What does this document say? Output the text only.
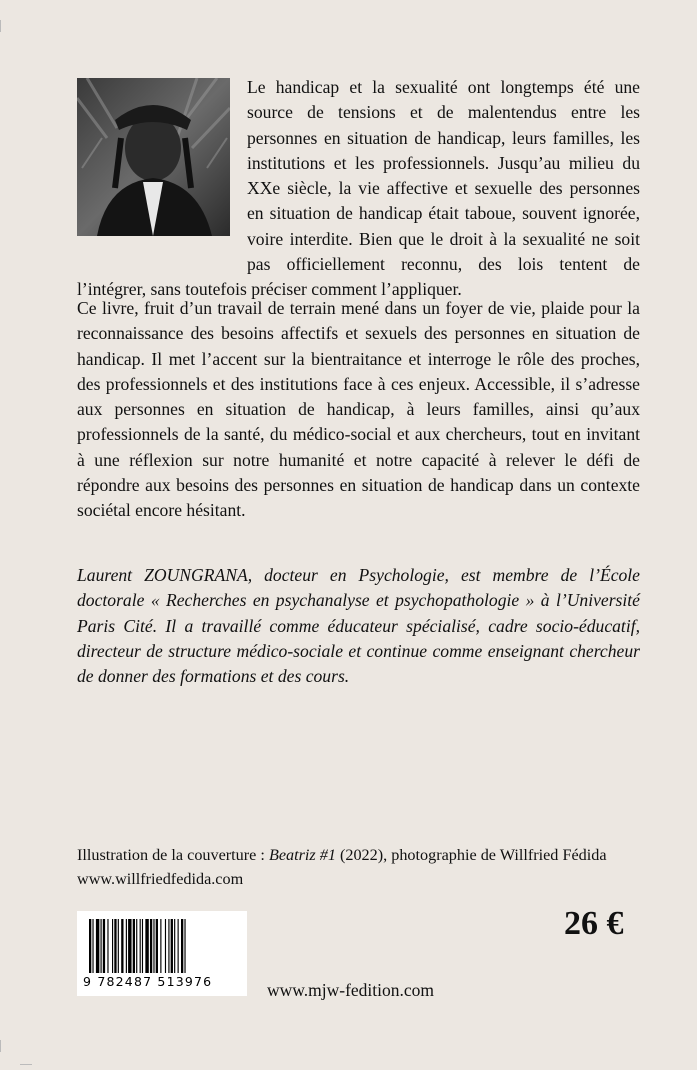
Le handicap et la sexualité ont longtemps été une source de tensions et de malentendus entre les personnes en situation de handicap, leurs familles, les institutions et les professionnels. Jusqu’au milieu du XXe siècle, la vie affective et sexuelle des personnes en situation de handicap était taboue, souvent ignorée, voire interdite. Bien que le droit à la sexualité ne soit pas officiellement reconnu, des lois tentent de l’intégrer, sans toutefois préciser comment l’appliquer.

Ce livre, fruit d’un travail de terrain mené dans un foyer de vie, plaide pour la reconnaissance des besoins affectifs et sexuels des personnes en situation de handicap. Il met l’accent sur la bientraitance et interroge le rôle des proches, des professionnels et des institutions face à ces enjeux. Accessible, il s’adresse aux personnes en situation de handicap, à leurs familles, ainsi qu’aux professionnels de la santé, du médico-social et aux chercheurs, tout en invitant à une réflexion sur notre humanité et notre capacité à relever le défi de répondre aux besoins des personnes en situation de handicap dans un contexte sociétal encore hésitant.

Laurent ZOUNGRANA, docteur en Psychologie, est membre de l’École doctorale « Recherches en psychanalyse et psychopathologie » à l’Université Paris Cité. Il a travaillé comme éducateur spécialisé, cadre socio-éducatif, directeur de structure médico-sociale et continue comme enseignant chercheur de donner des formations et des cours.

Illustration de la couverture : Beatriz #1 (2022), photographie de Willfried Fédida
www.willfriedfedida.com
9 782487 513976
26 €
www.mjw-fedition.com
